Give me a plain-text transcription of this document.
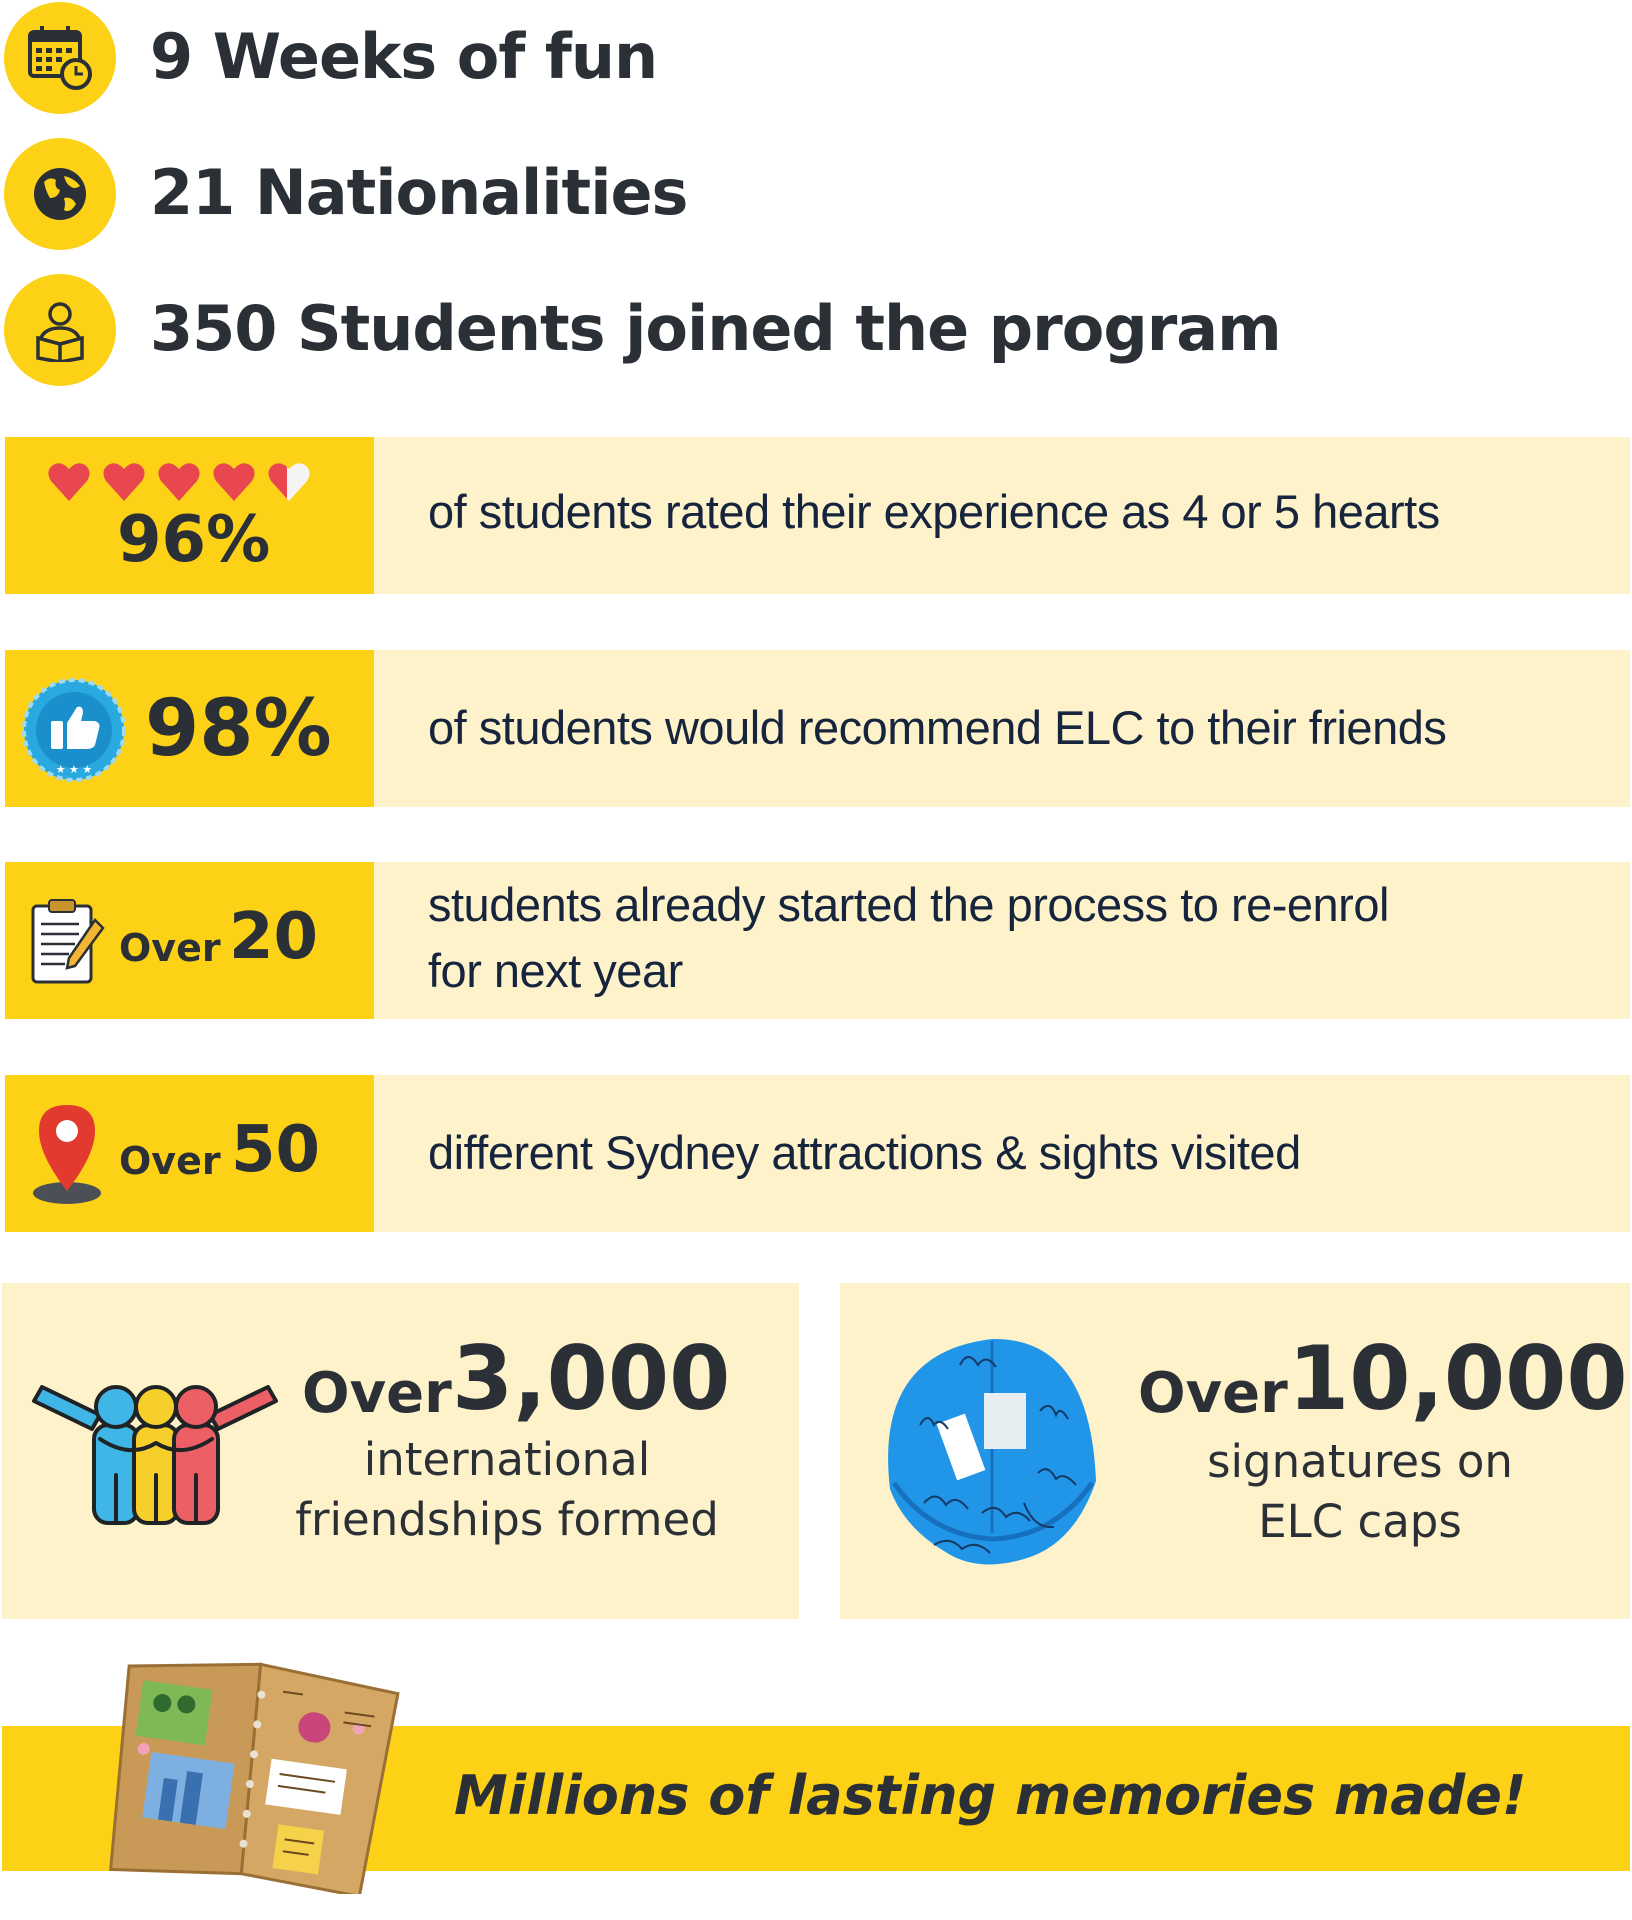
9 Weeks of fun
21 Nationalities
350 Students joined the program
96%	of students rated their experience as 4 or 5 hearts
★ ★ ★ 98% of students would recommend ELC to their friends
Over 20 students already started the process to re-enrol
for next year
Over 50 different Sydney attractions & sights visited
Over 3,000
international
friendships formed
Over 10,000
signatures on
ELC caps
Millions of lasting memories made!
